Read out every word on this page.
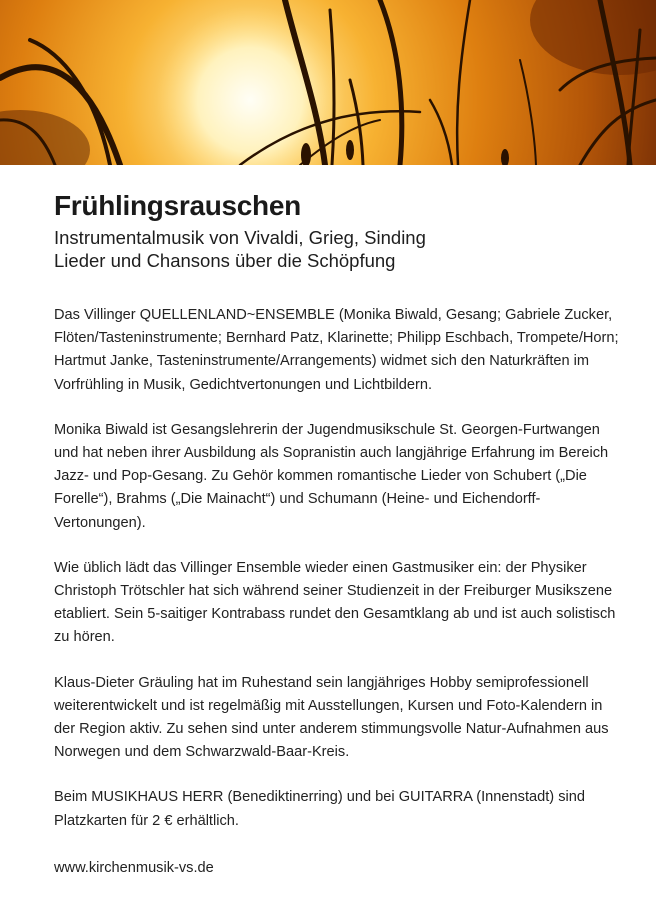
Frühlingsrauschen
Instrumentalmusik von Vivaldi, Grieg, Sinding
Lieder und Chansons über die Schöpfung

Das Villinger QUELLENLAND~ENSEMBLE (Monika Biwald, Gesang; Gabriele Zucker, Flöten/Tasteninstrumente; Bernhard Patz, Klarinette; Philipp Eschbach, Trompete/Horn; Hartmut Janke, Tasteninstrumente/Arrangements) widmet sich den Naturkräften im Vorfrühling in Musik, Gedichtvertonungen und Lichtbildern.

Monika Biwald ist Gesangslehrerin der Jugendmusikschule St. Georgen-Furtwangen und hat neben ihrer Ausbildung als Sopranistin auch langjährige Erfahrung im Bereich Jazz- und Pop-Gesang. Zu Gehör kommen romantische Lieder von Schubert („Die Forelle“), Brahms („Die Mainacht“) und Schumann (Heine- und Eichendorff-Vertonungen).

Wie üblich lädt das Villinger Ensemble wieder einen Gastmusiker ein: der Physiker Christoph Trötschler hat sich während seiner Studienzeit in der Freiburger Musikszene etabliert. Sein 5-saitiger Kontrabass rundet den Gesamtklang ab und ist auch solistisch zu hören.

Klaus-Dieter Gräuling hat im Ruhestand sein langjähriges Hobby semiprofessionell weiterentwickelt und ist regelmäßig mit Ausstellungen, Kursen und Foto-Kalendern in der Region aktiv. Zu sehen sind unter anderem stimmungsvolle Natur-Aufnahmen aus Norwegen und dem Schwarzwald-Baar-Kreis.

Beim MUSIKHAUS HERR (Benediktinerring) und bei GUITARRA (Innenstadt) sind Platzkarten für 2 € erhältlich.

www.kirchenmusik-vs.de
